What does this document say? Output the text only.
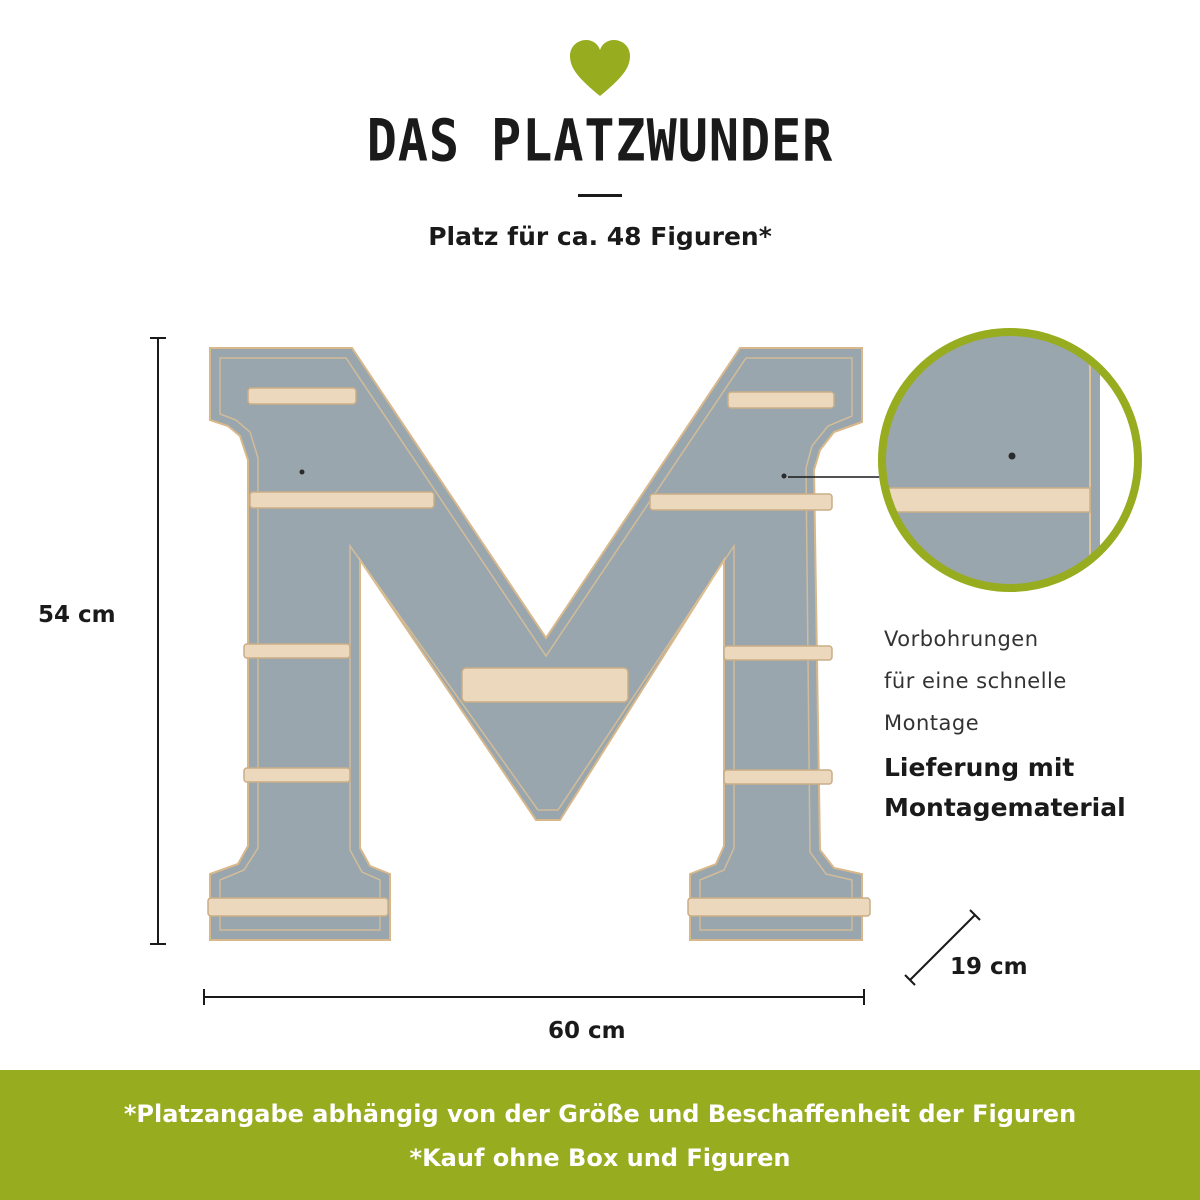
DAS PLATZWUNDER
Platz für ca. 48 Figuren*
54 cm
60 cm
19 cm
Vorbohrungen
für eine schnelle
Montage
Lieferung mit
Montagematerial
*Platzangabe abhängig von der Größe und Beschaffenheit der Figuren
*Kauf ohne Box und Figuren
